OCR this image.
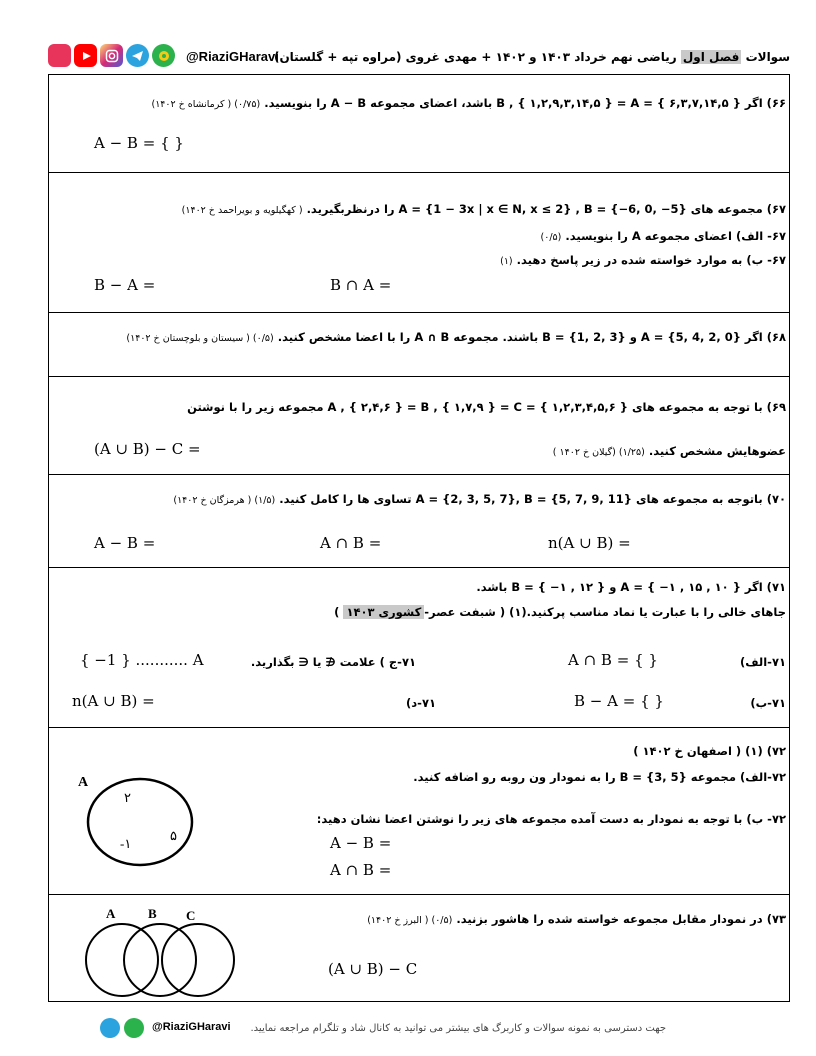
@RiaziGHaravi	سوالات فصل اول ریاضی نهم خرداد ۱۴۰۳ و ۱۴۰۲ + مهدی غروی (مراوه تپه + گلستان)
۶۶) اگر { ۶,۳,۷,۱۴,۵ } = B , { ۱,۲,۹,۳,۱۴,۵ } = A باشد، اعضای مجموعه A − B را بنویسید. (۰/۷۵) ( کرمانشاه خ ۱۴۰۲)
A − B = { }
۶۷) مجموعه های A = {1 − 3x | x ∈ N, x ≤ 2} , B = {−6, 0, −5} را درنظربگیرید. ( کهگیلویه و بویراحمد خ ۱۴۰۲)
۶۷- الف) اعضای مجموعه A را بنویسید. (۰/۵)
۶۷- ب) به موارد خواسته شده در زیر پاسخ دهید. (۱)
B − A =	B ∩ A =
۶۸) اگر A = {5, 4, 2, 0} و B = {1, 2, 3} باشند. مجموعه A ∩ B را با اعضا مشخص کنید. (۰/۵) ( سیستان و بلوچستان خ ۱۴۰۲)
۶۹) با توجه به مجموعه های { ۱,۲,۳,۴,۵,۶ } = A , { ۲,۴,۶ } = B , { ۱,۷,۹ } = C مجموعه زیر را با نوشتن
(A ∪ B) − C =	عضوهایش مشخص کنید. (۱/۲۵) (گیلان خ ۱۴۰۲ )
۷۰) باتوجه به مجموعه های A = {2, 3, 5, 7}, B = {5, 7, 9, 11} تساوی ها را کامل کنید. (۱/۵) ( هرمزگان خ ۱۴۰۲)
A − B =	A ∩ B =	n(A ∪ B) =
۷۱) اگر { ۱۰ , ۱۵ , ۱− } = A و { ۱۲ , ۱− } = B باشد.
جاهای خالی را با عبارت یا نماد مناسب پرکنید.(۱) ( شبفت عصر-کشوری ۱۴۰۳ )
۷۱-الف)
A ∩ B = { }
۷۱-ج ) علامت ∉ یا ∈ بگذارید.
{ −1 } ........... A
۷۱-ب)
B − A = { }
۷۱-د)
n(A ∪ B) =
۷۲) (۱) ( اصفهان خ ۱۴۰۲ )
۷۲-الف) مجموعه B = {3, 5} را به نمودار ون روبه رو اضافه کنید.
۷۲- ب) با توجه به نمودار به دست آمده مجموعه های زیر را نوشتن اعضا نشان دهید:
A − B =
A ∩ B =
A
۲
-۱
۵
۷۳) در نمودار مقابل مجموعه خواسته شده را هاشور بزنید. (۰/۵) ( البرز خ ۱۴۰۲)
(A ∪ B) − C
A	B C
@RiaziGHaravi جهت دسترسی به نمونه سوالات و کاربرگ های بیشتر می توانید به کانال شاد و تلگرام مراجعه نمایید.
